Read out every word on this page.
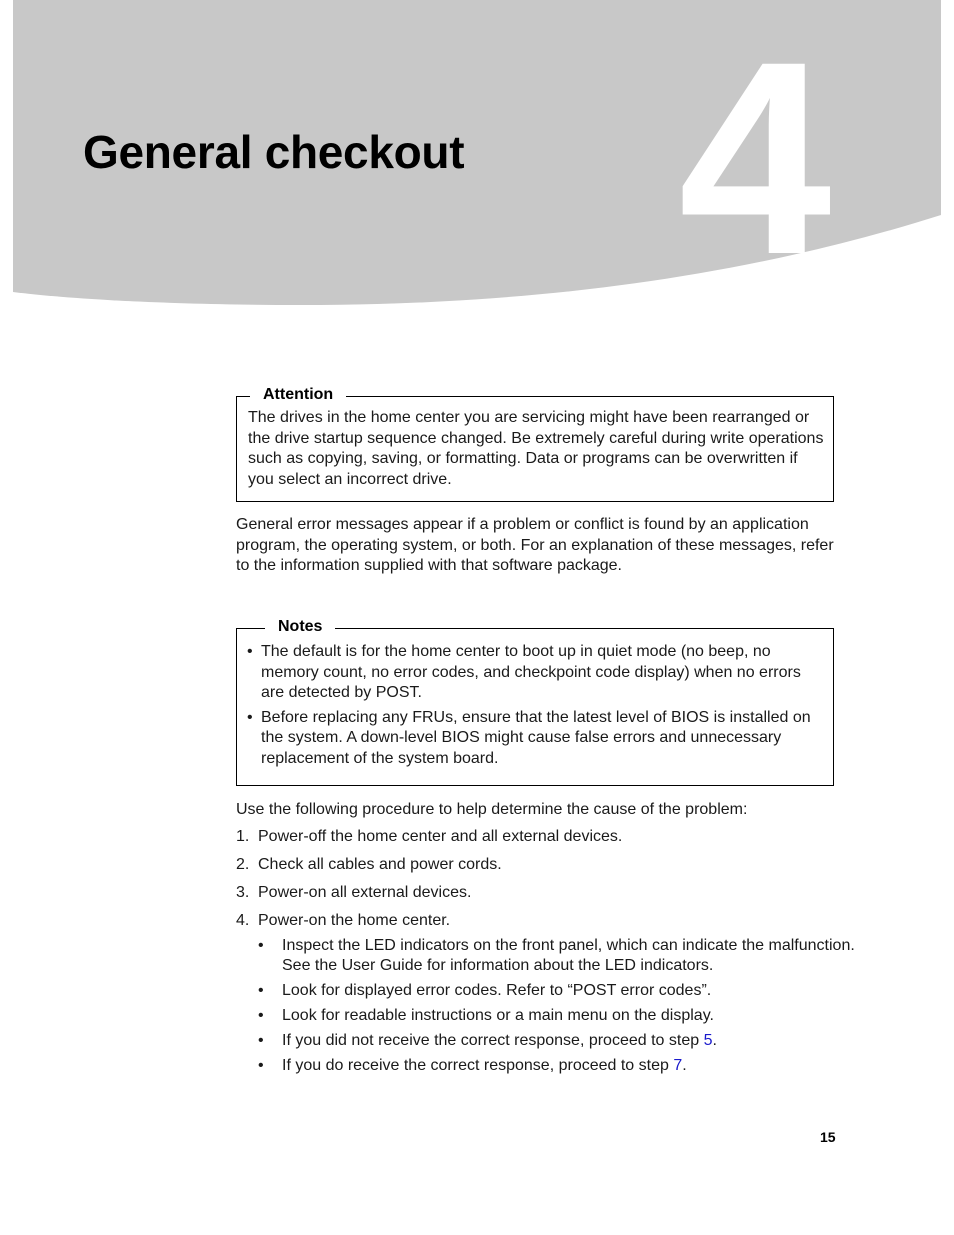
4
General checkout
Attention
The drives in the home center you are servicing might have been rearranged or the drive startup sequence changed. Be extremely careful during write operations such as copying, saving, or formatting. Data or programs can be overwritten if you select an incorrect drive.

General error messages appear if a problem or conflict is found by an application program, the operating system, or both. For an explanation of these messages, refer to the information supplied with that software package.

Notes
• The default is for the home center to boot up in quiet mode (no beep, no memory count, no error codes, and checkpoint code display) when no errors are detected by POST.
• Before replacing any FRUs, ensure that the latest level of BIOS is installed on the system. A down-level BIOS might cause false errors and unnecessary replacement of the system board.

Use the following procedure to help determine the cause of the problem:

1. Power-off the home center and all external devices.
2. Check all cables and power cords.
3. Power-on all external devices.
4. Power-on the home center.
• Inspect the LED indicators on the front panel, which can indicate the malfunction. See the User Guide for information about the LED indicators.
• Look for displayed error codes. Refer to “POST error codes”.
• Look for readable instructions or a main menu on the display.
• If you did not receive the correct response, proceed to step 5.
• If you do receive the correct response, proceed to step 7.
15
